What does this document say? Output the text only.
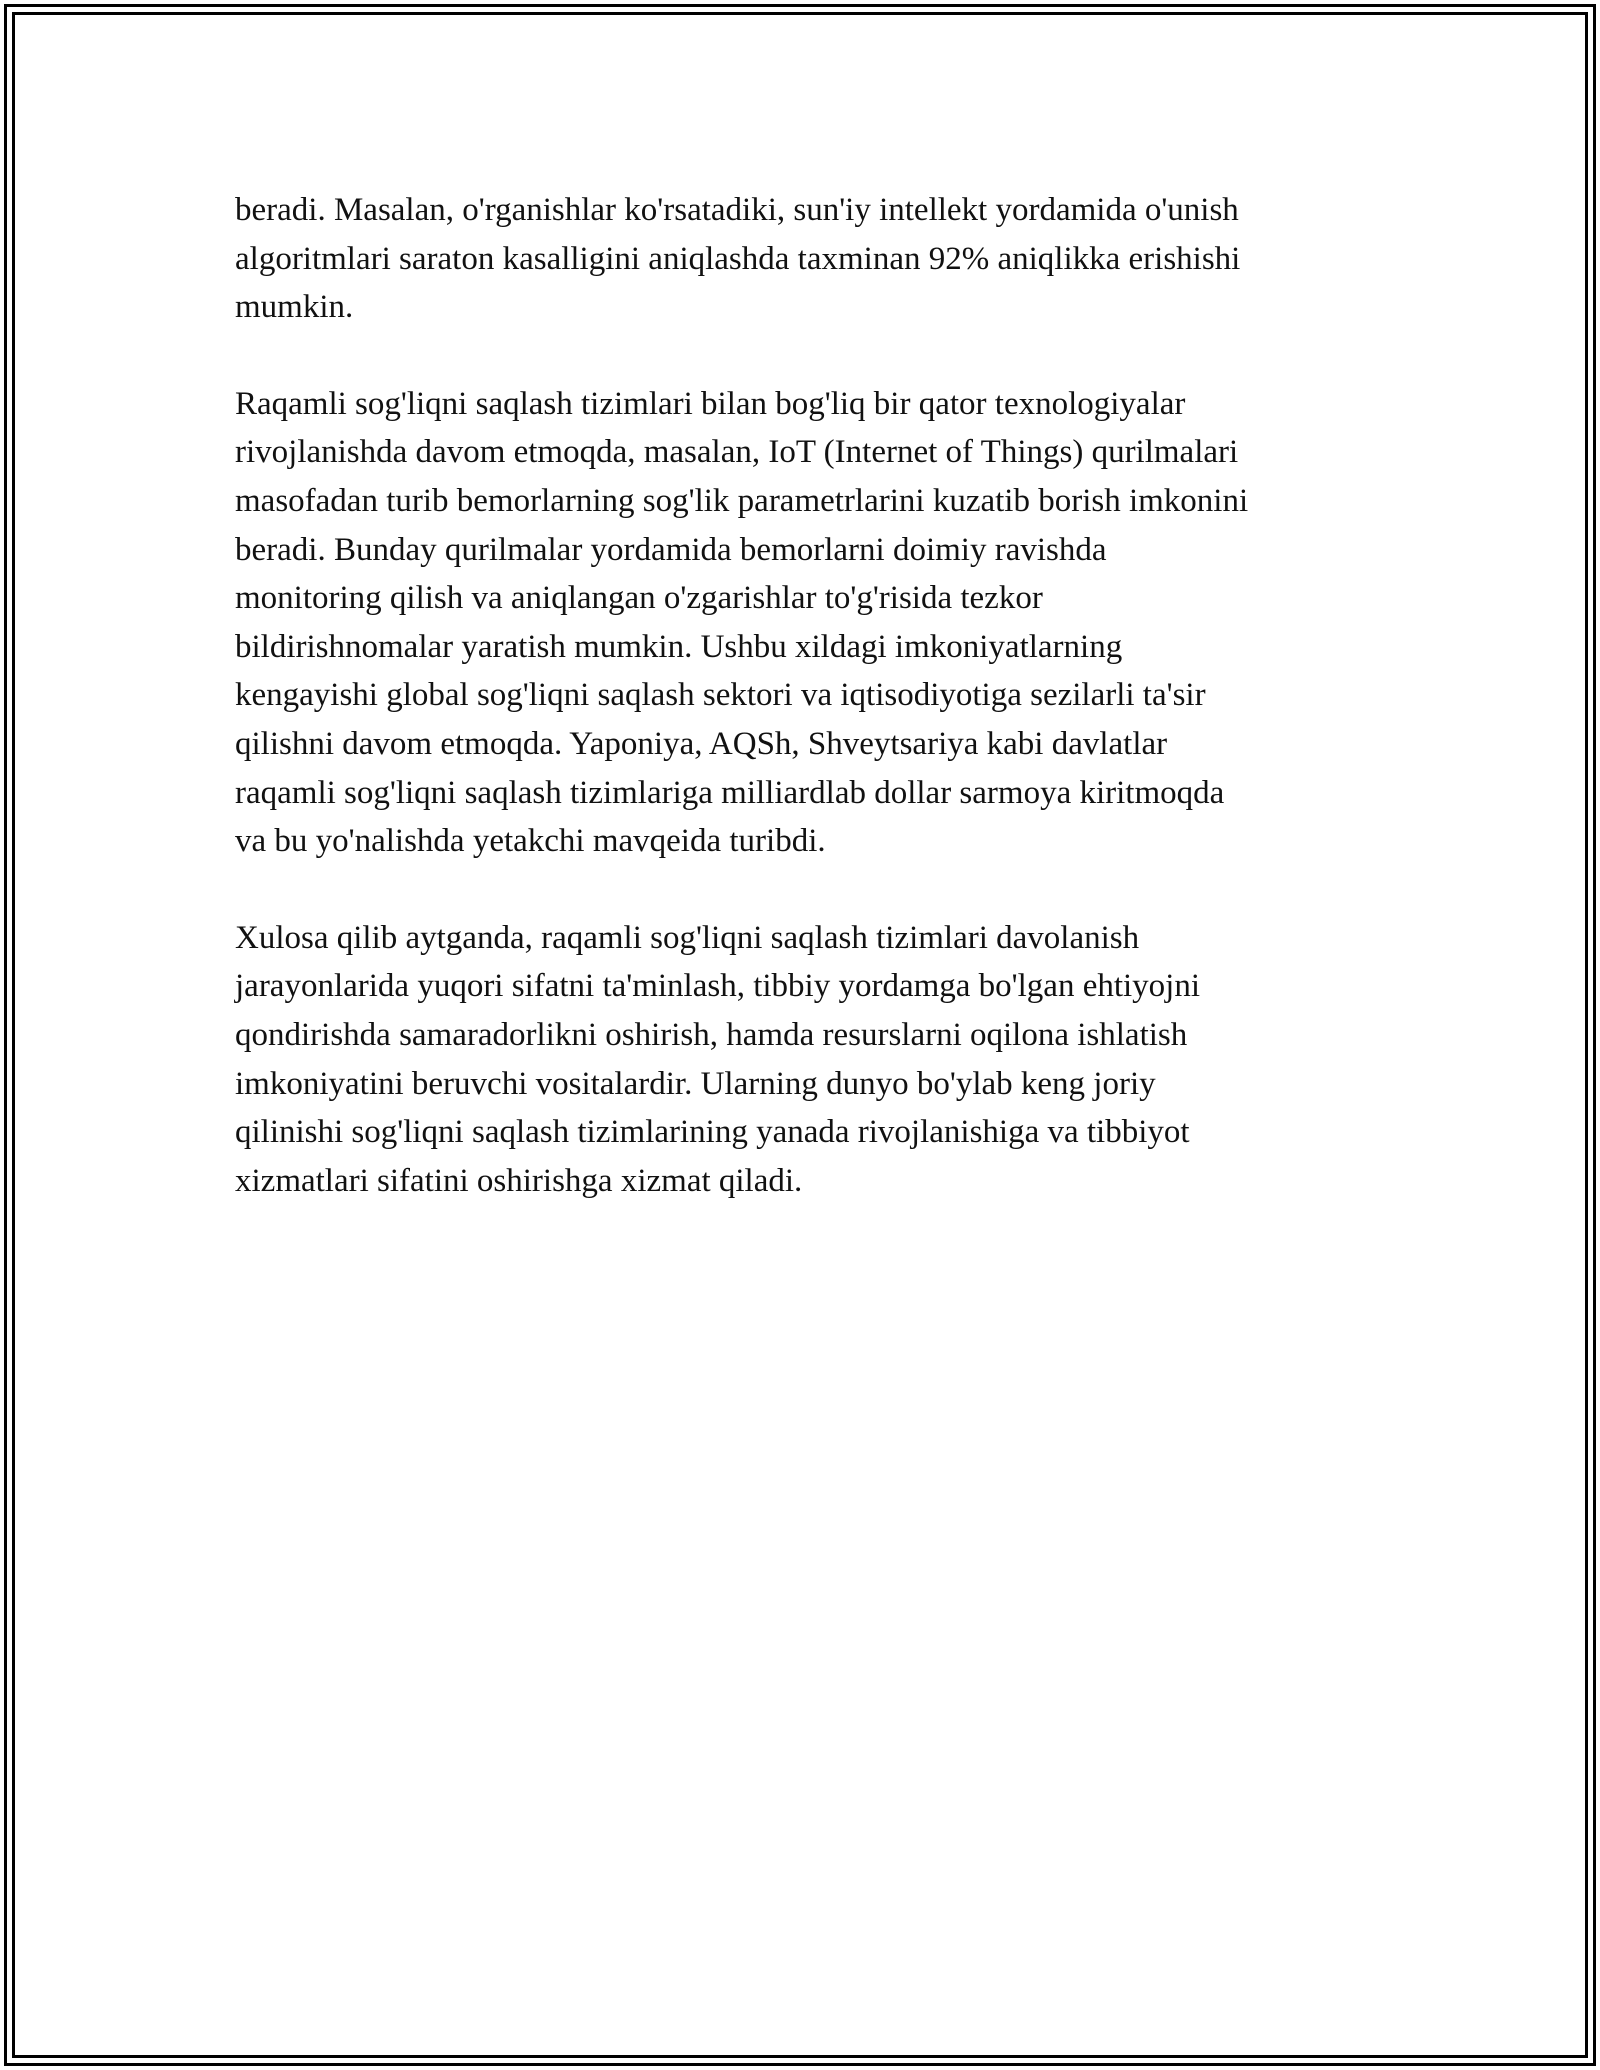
beradi. Masalan, o'rganishlar ko'rsatadiki, sun'iy intellekt yordamida o'unish
algoritmlari saraton kasalligini aniqlashda taxminan 92% aniqlikka erishishi
mumkin.

Raqamli sog'liqni saqlash tizimlari bilan bog'liq bir qator texnologiyalar
rivojlanishda davom etmoqda, masalan, IoT (Internet of Things) qurilmalari
masofadan turib bemorlarning sog'lik parametrlarini kuzatib borish imkonini
beradi. Bunday qurilmalar yordamida bemorlarni doimiy ravishda
monitoring qilish va aniqlangan o'zgarishlar to'g'risida tezkor
bildirishnomalar yaratish mumkin. Ushbu xildagi imkoniyatlarning
kengayishi global sog'liqni saqlash sektori va iqtisodiyotiga sezilarli ta'sir
qilishni davom etmoqda. Yaponiya, AQSh, Shveytsariya kabi davlatlar
raqamli sog'liqni saqlash tizimlariga milliardlab dollar sarmoya kiritmoqda
va bu yo'nalishda yetakchi mavqeida turibdi.

Xulosa qilib aytganda, raqamli sog'liqni saqlash tizimlari davolanish
jarayonlarida yuqori sifatni ta'minlash, tibbiy yordamga bo'lgan ehtiyojni
qondirishda samaradorlikni oshirish, hamda resurslarni oqilona ishlatish
imkoniyatini beruvchi vositalardir. Ularning dunyo bo'ylab keng joriy
qilinishi sog'liqni saqlash tizimlarining yanada rivojlanishiga va tibbiyot
xizmatlari sifatini oshirishga xizmat qiladi.
